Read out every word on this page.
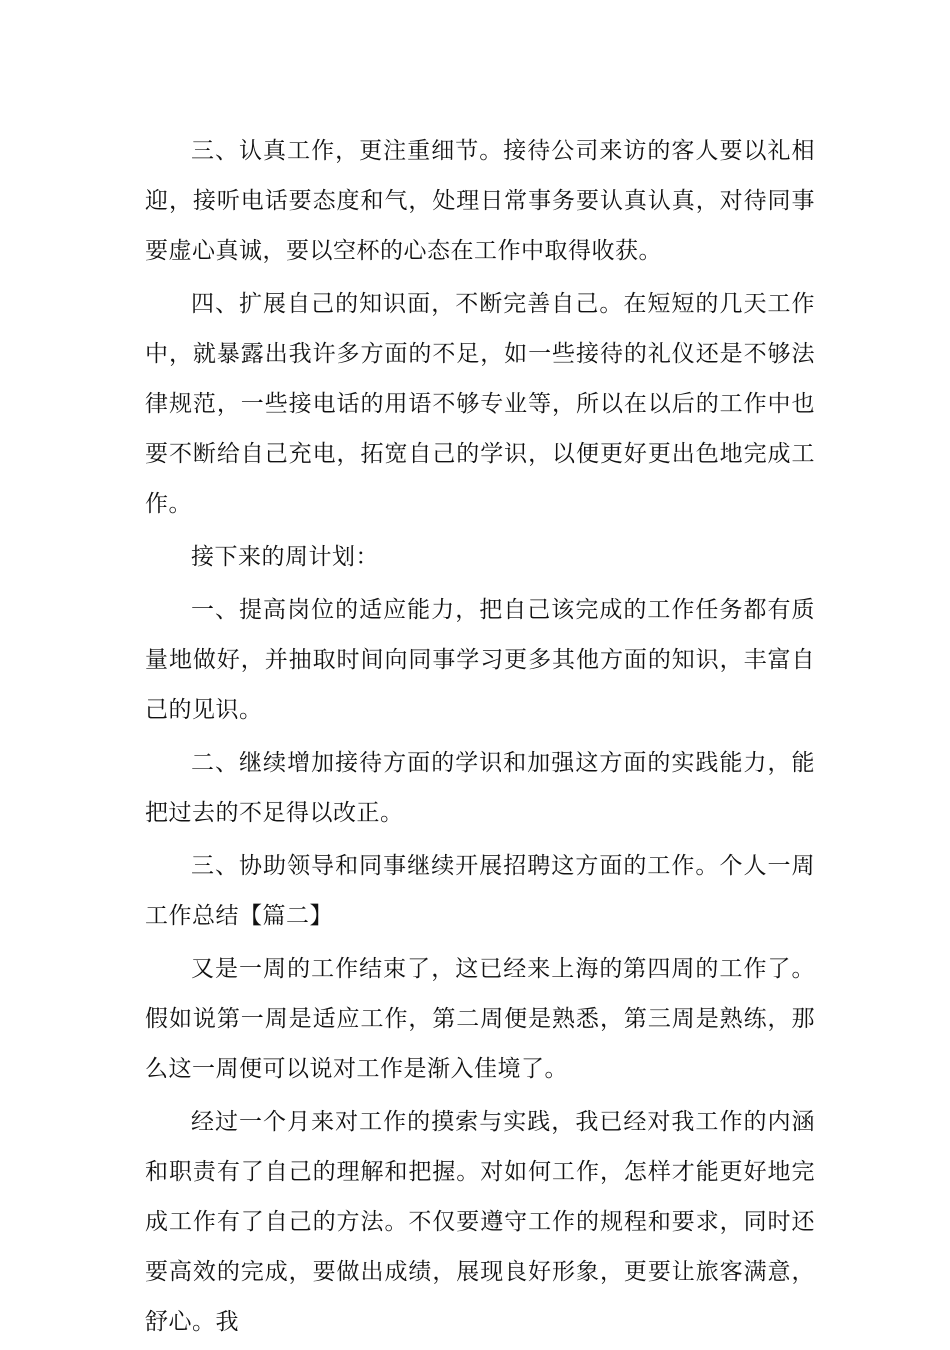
三、认真工作，更注重细节。接待公司来访的客人要以礼相迎，接听电话要态度和气，处理日常事务要认真认真，对待同事要虚心真诚，要以空杯的心态在工作中取得收获。

四、扩展自己的知识面，不断完善自己。在短短的几天工作中，就暴露出我许多方面的不足，如一些接待的礼仪还是不够法律规范，一些接电话的用语不够专业等，所以在以后的工作中也要不断给自己充电，拓宽自己的学识，以便更好更出色地完成工作。

接下来的周计划：

一、提高岗位的适应能力，把自己该完成的工作任务都有质量地做好，并抽取时间向同事学习更多其他方面的知识，丰富自己的见识。

二、继续增加接待方面的学识和加强这方面的实践能力，能把过去的不足得以改正。

三、协助领导和同事继续开展招聘这方面的工作。个人一周工作总结【篇二】

又是一周的工作结束了，这已经来上海的第四周的工作了。假如说第一周是适应工作，第二周便是熟悉，第三周是熟练，那么这一周便可以说对工作是渐入佳境了。

经过一个月来对工作的摸索与实践，我已经对我工作的内涵和职责有了自己的理解和把握。对如何工作，怎样才能更好地完成工作有了自己的方法。不仅要遵守工作的规程和要求，同时还要高效的完成，要做出成绩，展现良好形象，更要让旅客满意，舒心。我
